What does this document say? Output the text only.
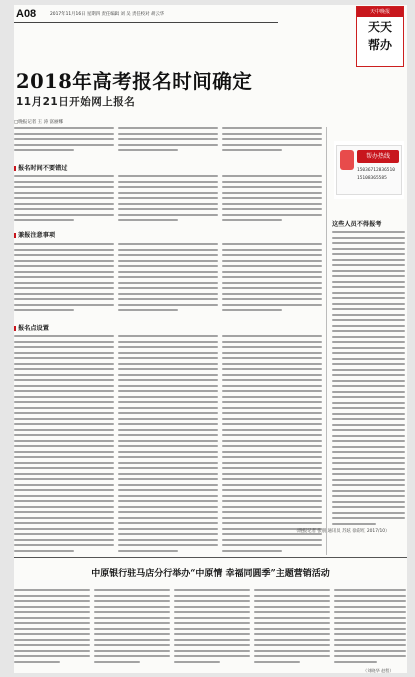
A08	2017年11月16日 星期四 责任编辑 刘 吴 责任校对 胡云华	天中晚报
天天
帮办
2018年高考报名时间确定
11月21日开始网上报名
□晚报记者 王 涛 富丽娜
报名时间不要错过
兼报注意事项
报名点设置
帮办热线
15036712836510
15108365585
这些人员不得报考
（晚报记者 张朋 通讯员 苏炫 徐彩红 2017/10）
中原银行驻马店分行举办“中原情 幸福同圆季”主题营销活动
（刘晓华 赵程）
